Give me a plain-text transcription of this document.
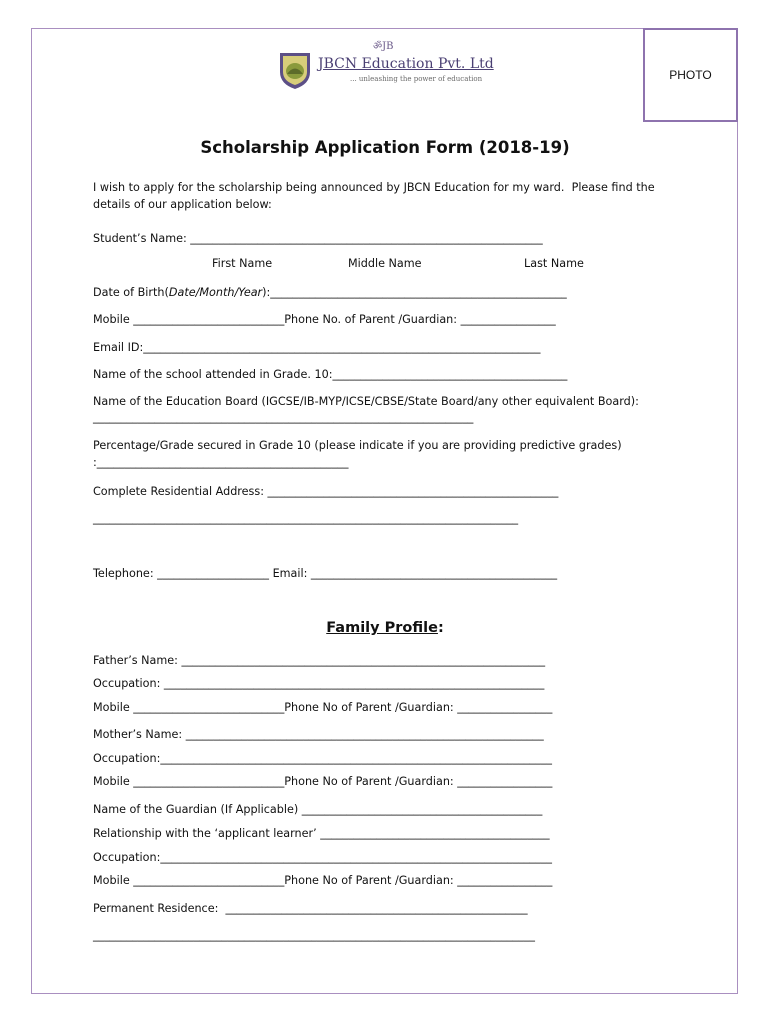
PHOTO
ॐJB
JBCN Education Pvt. Ltd
... unleashing the power of education
Scholarship Application Form (2018-19)
I wish to apply for the scholarship being announced by JBCN Education for my ward.  Please find the
details of our application below:
Student’s Name: _______________________________________________________________
First Name	Middle Name	Last Name
Date of Birth(Date/Month/Year):_____________________________________________________
Mobile ___________________________Phone No. of Parent /Guardian: _________________
Email ID:_______________________________________________________________________
Name of the school attended in Grade. 10:__________________________________________
Name of the Education Board (IGCSE/IB-MYP/ICSE/CBSE/State Board/any other equivalent Board):
____________________________________________________________________
Percentage/Grade secured in Grade 10 (please indicate if you are providing predictive grades)
:_____________________________________________
Complete Residential Address: ____________________________________________________
____________________________________________________________________________
Telephone: ____________________ Email: ____________________________________________
Family Profile:
Father’s Name: _________________________________________________________________
Occupation: ____________________________________________________________________
Mobile ___________________________Phone No of Parent /Guardian: _________________
Mother’s Name: ________________________________________________________________
Occupation:______________________________________________________________________
Mobile ___________________________Phone No of Parent /Guardian: _________________
Name of the Guardian (If Applicable) ___________________________________________
Relationship with the ‘applicant learner’ _________________________________________
Occupation:______________________________________________________________________
Mobile ___________________________Phone No of Parent /Guardian: _________________
Permanent Residence:  ______________________________________________________
_______________________________________________________________________________
